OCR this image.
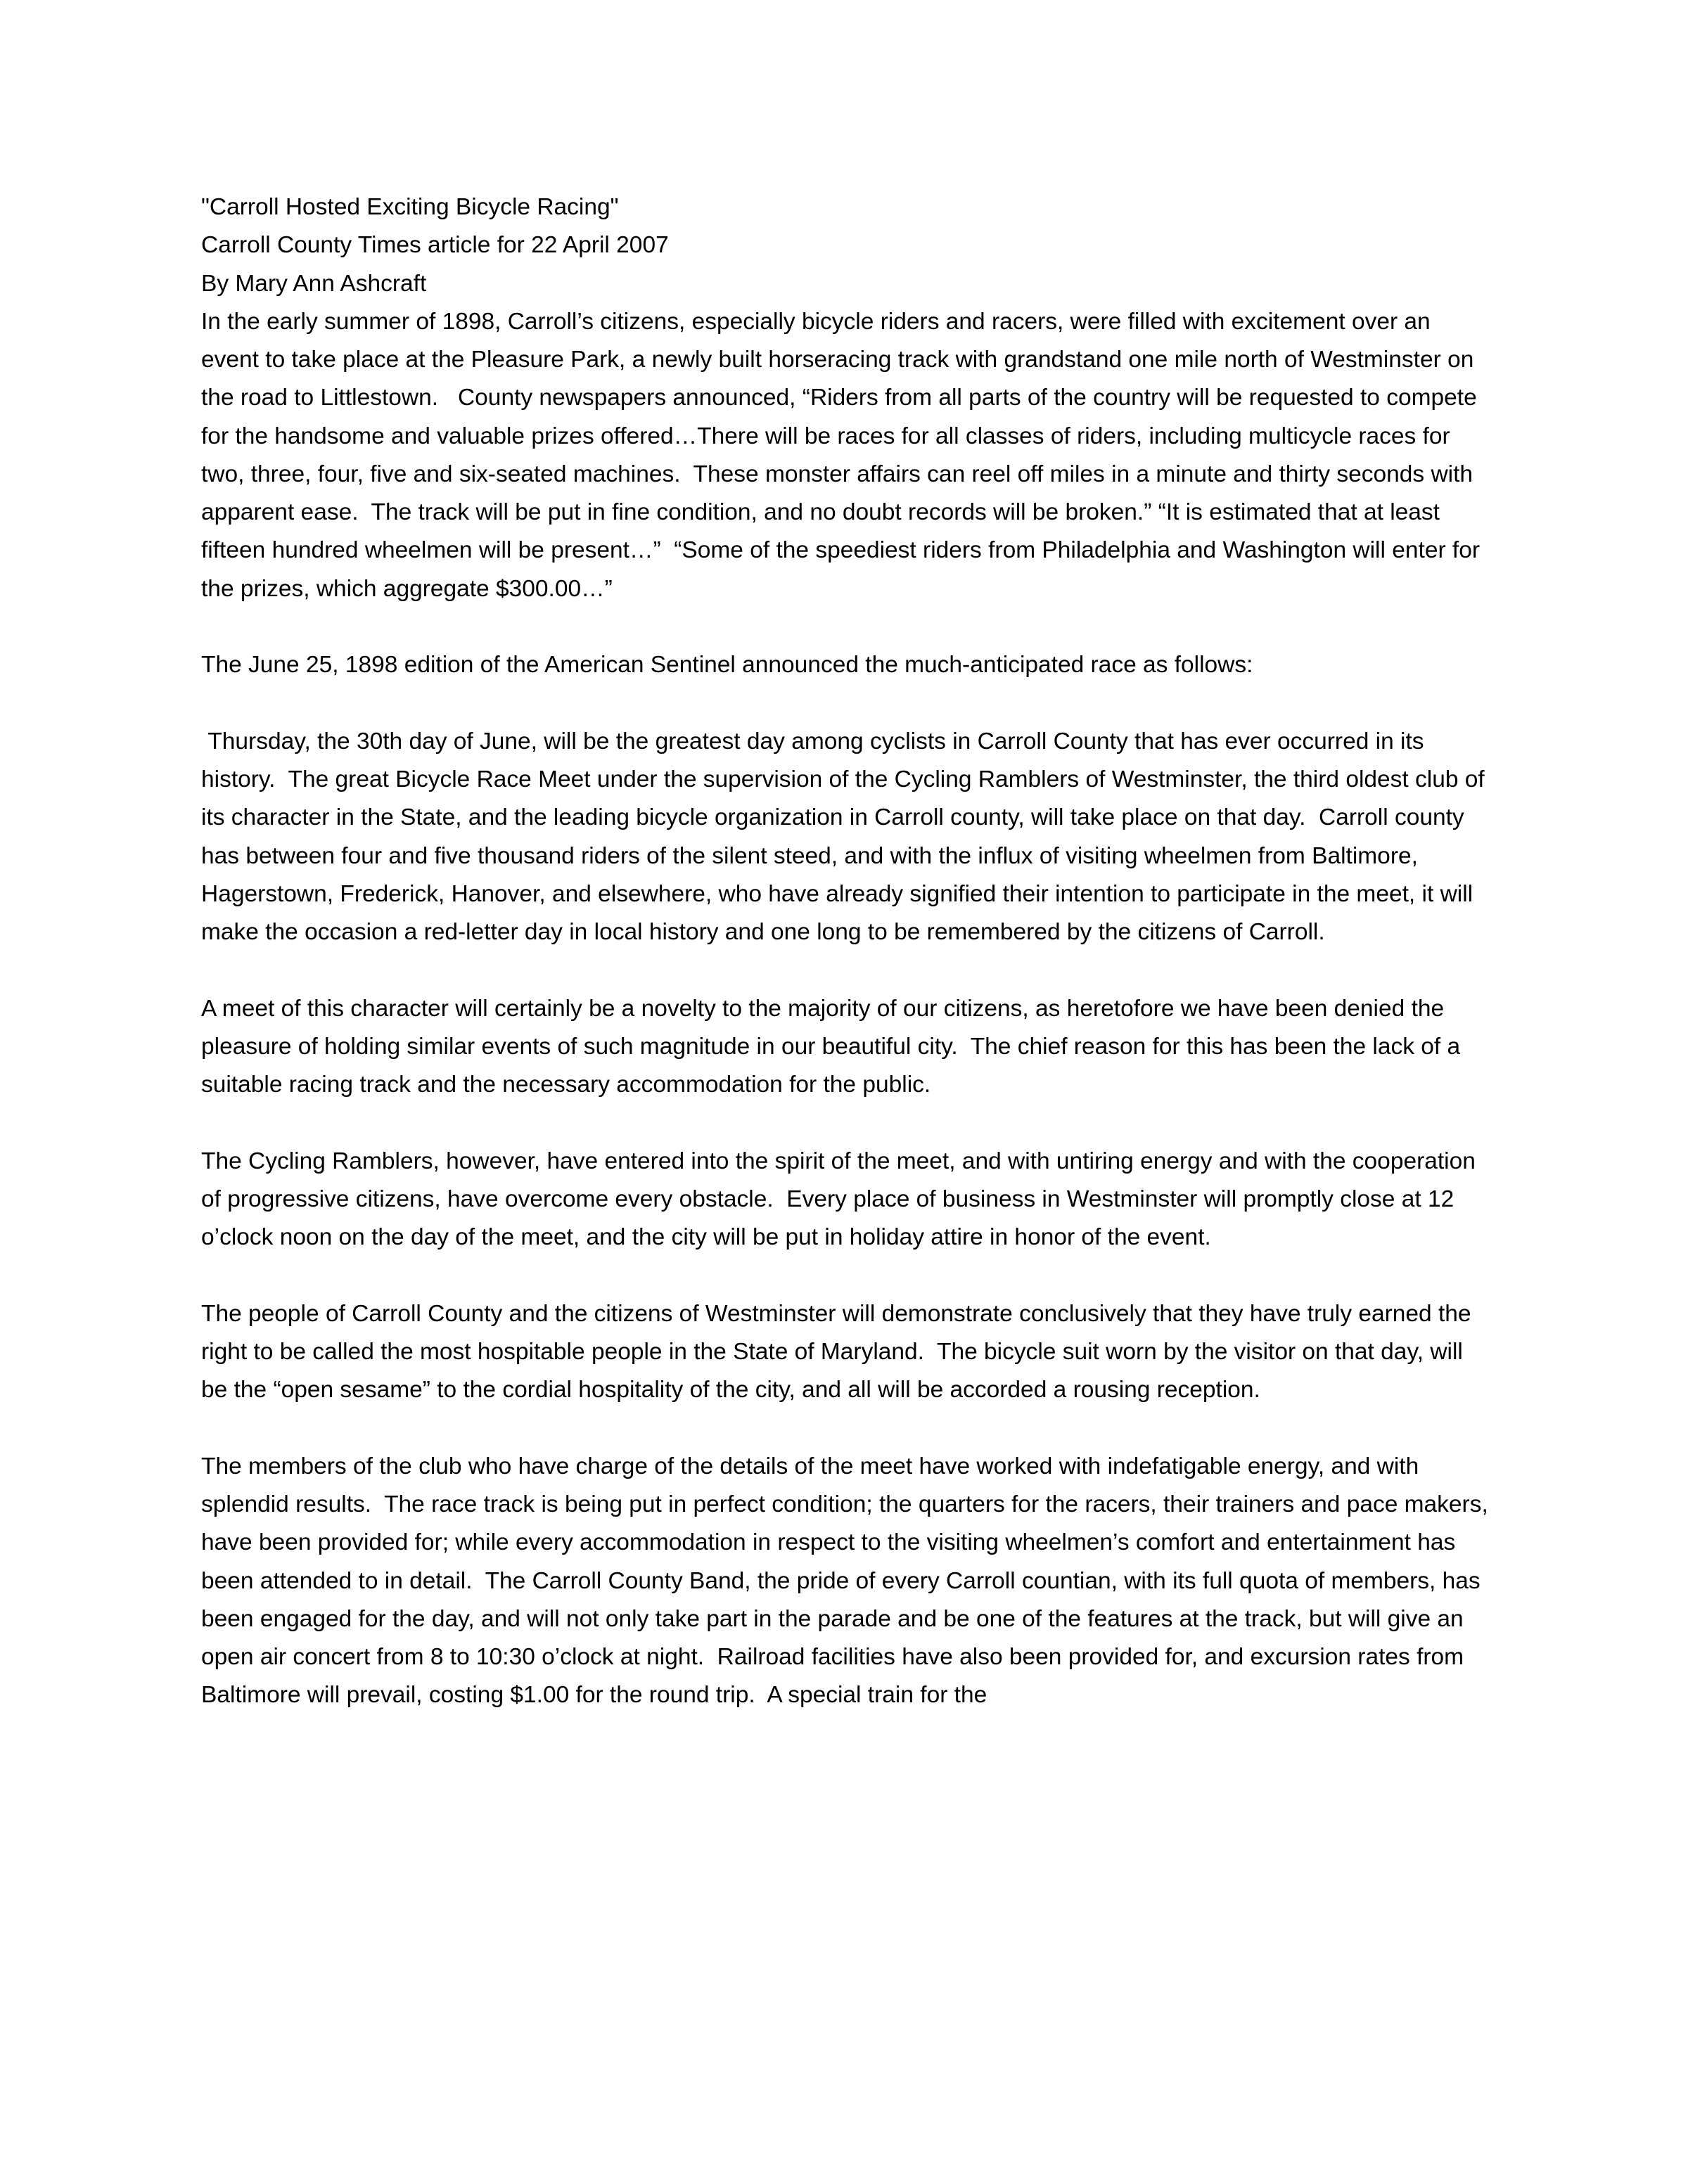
"Carroll Hosted Exciting Bicycle Racing"

Carroll County Times article for 22 April 2007

By Mary Ann Ashcraft

In the early summer of 1898, Carroll’s citizens, especially bicycle riders and racers, were filled with excitement over an event to take place at the Pleasure Park, a newly built horseracing track with grandstand one mile north of Westminster on the road to Littlestown.   County newspapers announced, “Riders from all parts of the country will be requested to compete for the handsome and valuable prizes offered…There will be races for all classes of riders, including multicycle races for two, three, four, five and six-seated machines.  These monster affairs can reel off miles in a minute and thirty seconds with apparent ease.  The track will be put in fine condition, and no doubt records will be broken.” “It is estimated that at least fifteen hundred wheelmen will be present…”  “Some of the speediest riders from Philadelphia and Washington will enter for the prizes, which aggregate $300.00…”

The June 25, 1898 edition of the American Sentinel announced the much-anticipated race as follows:

Thursday, the 30th day of June, will be the greatest day among cyclists in Carroll County that has ever occurred in its history.  The great Bicycle Race Meet under the supervision of the Cycling Ramblers of Westminster, the third oldest club of its character in the State, and the leading bicycle organization in Carroll county, will take place on that day.  Carroll county has between four and five thousand riders of the silent steed, and with the influx of visiting wheelmen from Baltimore, Hagerstown, Frederick, Hanover, and elsewhere, who have already signified their intention to participate in the meet, it will make the occasion a red-letter day in local history and one long to be remembered by the citizens of Carroll.

A meet of this character will certainly be a novelty to the majority of our citizens, as heretofore we have been denied the pleasure of holding similar events of such magnitude in our beautiful city.  The chief reason for this has been the lack of a suitable racing track and the necessary accommodation for the public.

The Cycling Ramblers, however, have entered into the spirit of the meet, and with untiring energy and with the cooperation of progressive citizens, have overcome every obstacle.  Every place of business in Westminster will promptly close at 12 o’clock noon on the day of the meet, and the city will be put in holiday attire in honor of the event.

The people of Carroll County and the citizens of Westminster will demonstrate conclusively that they have truly earned the right to be called the most hospitable people in the State of Maryland.  The bicycle suit worn by the visitor on that day, will be the “open sesame” to the cordial hospitality of the city, and all will be accorded a rousing reception.

The members of the club who have charge of the details of the meet have worked with indefatigable energy, and with splendid results.  The race track is being put in perfect condition; the quarters for the racers, their trainers and pace makers, have been provided for; while every accommodation in respect to the visiting wheelmen’s comfort and entertainment has been attended to in detail.  The Carroll County Band, the pride of every Carroll countian, with its full quota of members, has been engaged for the day, and will not only take part in the parade and be one of the features at the track, but will give an open air concert from 8 to 10:30 o’clock at night.  Railroad facilities have also been provided for, and excursion rates from Baltimore will prevail, costing $1.00 for the round trip.  A special train for the
